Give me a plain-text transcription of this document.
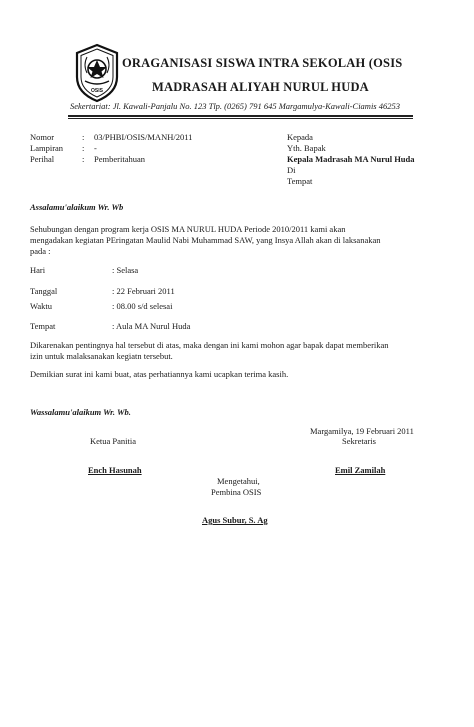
OSIS
ORAGANISASI SISWA INTRA SEKOLAH (OSIS
MADRASAH ALIYAH NURUL HUDA
Sekertariat: Jl. Kawali-Panjalu No. 123 Tlp. (0265) 791 645 Margamulya-Kawali-Ciamis 46253
Nomor	: 03/PHBI/OSIS/MANH/2011
Lampiran : -
Perihal	: Pemberitahuan
Kepada
Yth. Bapak
Kepala Madrasah MA Nurul Huda
Di
Tempat
Assalamu'alaikum Wr. Wb
Sehubungan dengan program kerja OSIS MA NURUL HUDA Periode 2010/2011 kami akan
mengadakan kegiatan PEringatan Maulid Nabi Muhammad SAW, yang Insya Allah akan di laksanakan
pada :
Hari	: Selasa
Tanggal	: 22 Februari 2011
Waktu	: 08.00 s/d selesai
Tempat	: Aula MA Nurul Huda
Dikarenakan pentingnya hal tersebut di atas, maka dengan ini kami mohon agar bapak dapat memberikan
izin untuk malaksanakan kegiatn tersebut.
Demikian surat ini kami buat, atas perhatiannya kami ucapkan terima kasih.
Wassalamu'alaikum Wr. Wb.
Margamilya, 19 Februari 2011
Ketua Panitia	Sekretaris
Ench Hasunah	Emil Zamilah
Mengetahui,
Pembina OSIS
Agus Subur, S. Ag
